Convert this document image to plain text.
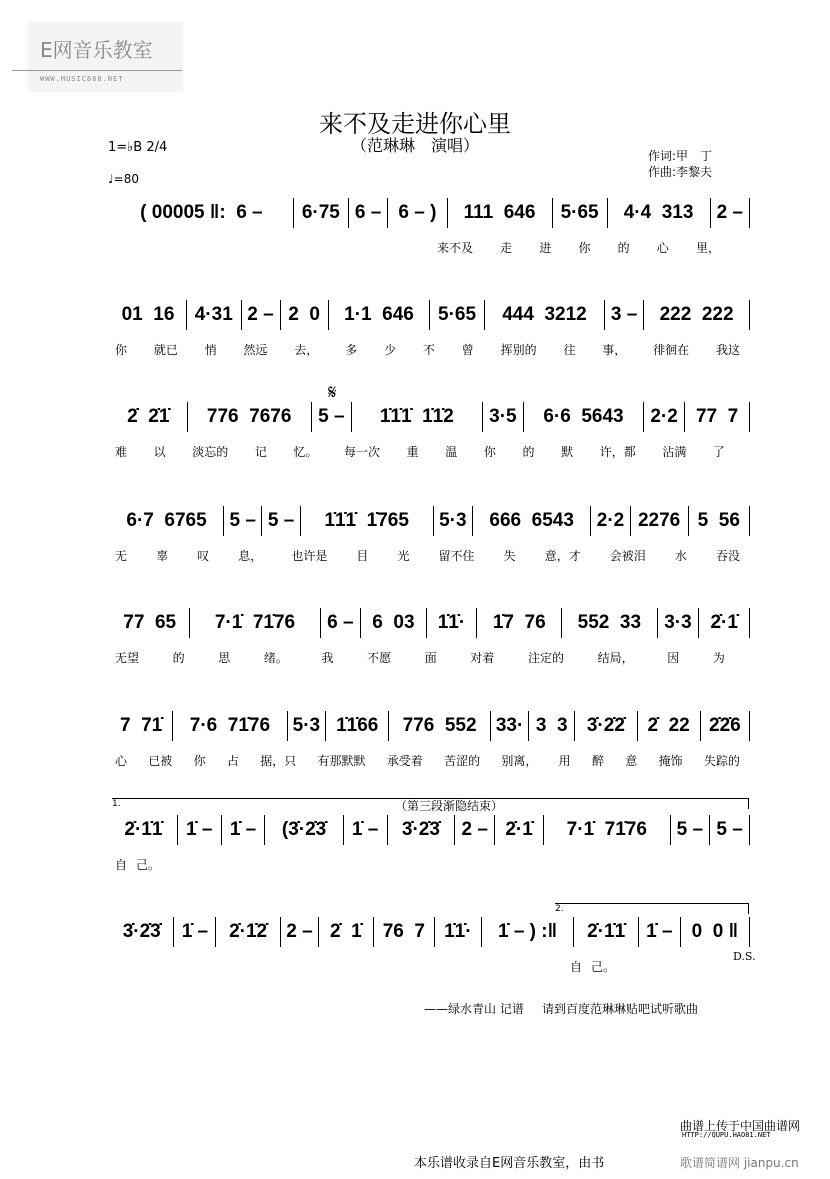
E网音乐教室
WWW.MUSIC888.NET
来不及走进你心里
（范琳琳　演唱）
1=♭B 2/4
♩=80
作词:甲　丁
作曲:李黎夫
( 00005 ‖:  6 –	6·75 6 – 6 – )	111  646	5·65	4·4  313	2 –
来不及 走 进 你 的 心 里，
01  16	4·31 2 – 2  0	1·1  646	5·65	444  3212	3 –	222  222
你 就已 悄 然远 去， 多 少 不 曾 挥别的 往 事， 徘徊在 我这
2̇  2̇1̇	776  7676	5 –	1̇1̇1̇  1̇1̇2	3·5	6·6  5643	2·2 77  7
难 以 淡忘的 记 忆。 每一次 重 温 你 的 默 许，都 沾满 了
6·7  6765	5 – 5 –	1̇1̇1̇  1̇765	5·3	666  6543	2·2 2276 5  56
无 辜 叹 息， 也许是 目 光 留不住 失 意，才 会被泪 水 吞没
77  65	7·1̇  71̇76	6 – 6  03	1̇1̇·	1̇7  76	552  33	3·3 2̇·1̇
无望	的	思	绪。	我	不愿	面	对着	注定的	结局，	因	为
7  71̇	7·6  71̇76	5·3 1̇1̇66	776  552	33· 3  3	3̇·2̇2̇	2̇  22	2̇2̇6
心 已被 你 占 据，只 有那默默 承受着 苦涩的 别离， 用 醉 意 掩饰 失踪的
2̇·1̇1̇	1̇ – 1̇ –	(3̇·2̇3̇	1̇ –	3̇·2̇3̇	2 – 2̇·1̇	7·1̇  71̇76	5 – 5 –
自 己。
3̇·2̇3̇	1̇ –	2̇·1̇2̇	2 – 2̇  1̇	76  7	1̇1̇·	1̇ – ) :‖	2̇·1̇1̇	1̇ –	0  0 ‖
自 己。
1.	（第三段渐隐结束）
2.
𝄋
D.S.
——绿水青山 记谱 请到百度范琳琳贴吧试听歌曲
曲谱上传于中国曲谱网
HTTP://QUPU.HAO81.NET
本乐谱收录自E网音乐教室，由书	歌谱简谱网 jianpu.cn
